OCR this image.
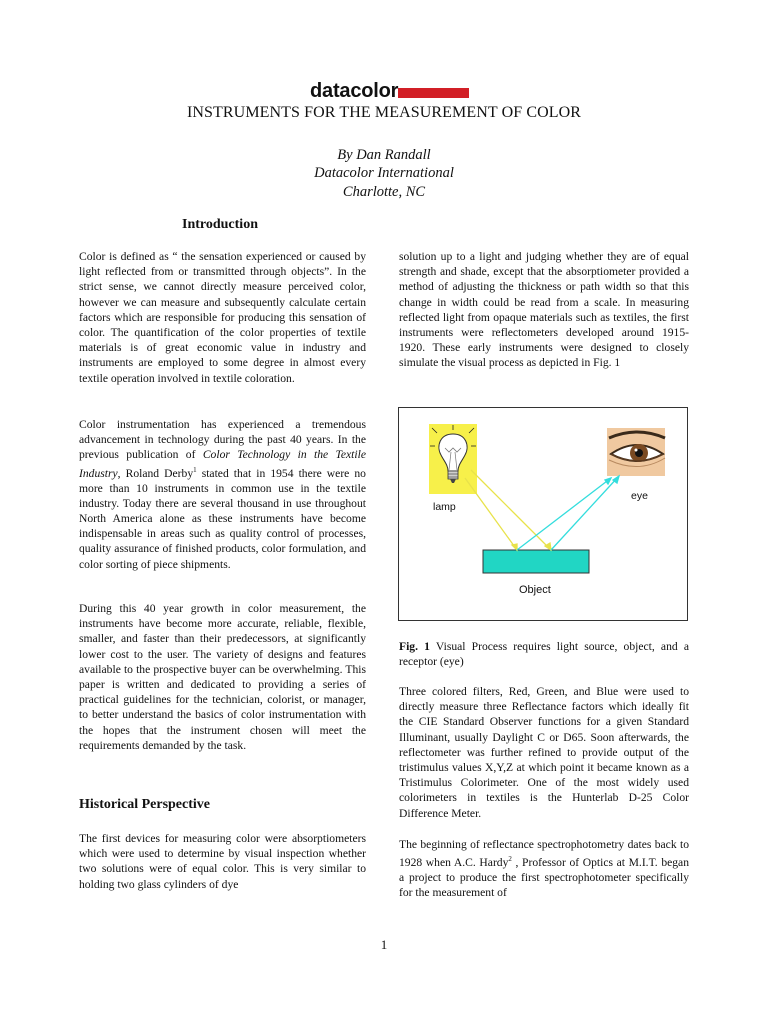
datacolor
INSTRUMENTS FOR THE MEASUREMENT OF COLOR
By Dan Randall
Datacolor International
Charlotte, NC
Introduction

Color is defined as “ the sensation experienced or caused by light reflected from or transmitted through objects”. In the strict sense, we cannot directly measure perceived color, however we can measure and subsequently calculate certain factors which are responsible for producing this sensation of color. The quantification of the color properties of textile materials is of great economic value in industry and instruments are employed to some degree in almost every textile operation involved in textile coloration.

Color instrumentation has experienced a tremendous advancement in technology during the past 40 years. In the previous publication of Color Technology in the Textile Industry, Roland Derby$^1$ stated that in 1954 there were no more than 10 instruments in common use in the textile industry. Today there are several thousand in use throughout North America alone as these instruments have become indispensable in areas such as quality control of processes, quality assurance of finished products, color formulation, and color sorting of piece shipments.

During this 40 year growth in color measurement, the instruments have become more accurate, reliable, flexible, smaller, and faster than their predecessors, at significantly lower cost to the user. The variety of designs and features available to the prospective buyer can be overwhelming. This paper is written and dedicated to providing a series of practical guidelines for the technician, colorist, or manager, to better understand the basics of color instrumentation with the hopes that the instrument chosen will meet the requirements demanded by the task.

Historical Perspective

The first devices for measuring color were absorptiometers which were used to determine by visual inspection whether two solutions were of equal color. This is very similar to holding two glass cylinders of dye

solution up to a light and judging whether they are of equal strength and shade, except that the absorptiometer provided a method of adjusting the thickness or path width so that this change in width could be read from a scale. In measuring reflected light from opaque materials such as textiles, the first instruments were reflectometers developed around 1915-1920. These early instruments were designed to closely simulate the visual process as depicted in Fig. 1

lamp
eye
Object

Fig. 1 Visual Process requires light source, object, and a receptor (eye)

Three colored filters, Red, Green, and Blue were used to directly measure three Reflectance factors which ideally fit the CIE Standard Observer functions for a given Standard Illuminant, usually Daylight C or D65. Soon afterwards, the reflectometer was further refined to provide output of the tristimulus values X,Y,Z at which point it became known as a Tristimulus Colorimeter. One of the most widely used colorimeters in textiles is the Hunterlab D-25 Color Difference Meter.

The beginning of reflectance spectrophotometry dates back to 1928 when A.C. Hardy$^2$ , Professor of Optics at M.I.T. began a project to produce the first spectrophotometer specifically for the measurement of

1
